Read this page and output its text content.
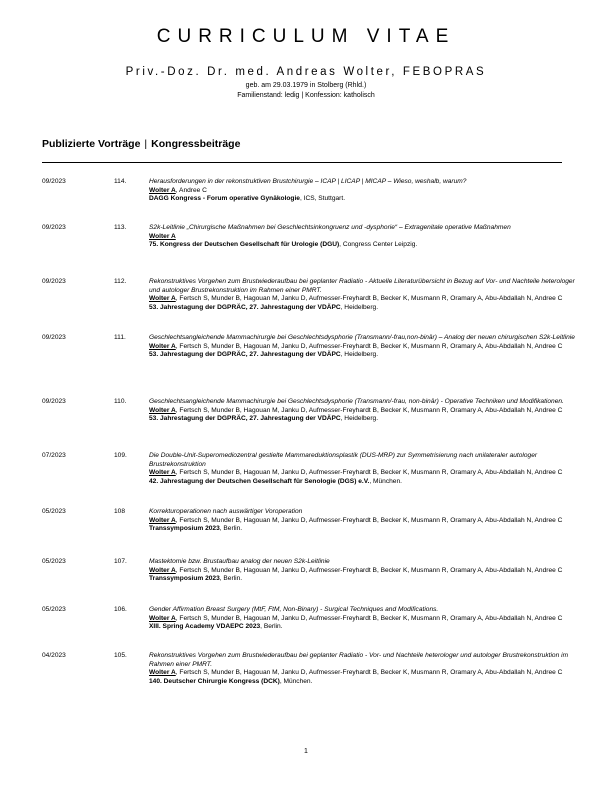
CURRICULUM VITAE
Priv.-Doz. Dr. med. Andreas Wolter, FEBOPRAS
geb. am 29.03.1979 in Stolberg (Rhld.)
Familienstand: ledig | Konfession: katholisch
Publizierte Vorträge | Kongressbeiträge
09/2023	114.	Herausforderungen in der rekonstruktiven Brustchirurgie – ICAP | LICAP | MICAP – Wieso, weshalb, warum?
Wolter A, Andree C
DAGG Kongress - Forum operative Gynäkologie, ICS, Stuttgart.
09/2023	113.	S2k-Leitlinie „Chirurgische Maßnahmen bei Geschlechtsinkongruenz und -dysphorie“ – Extragenitale operative Maßnahmen
Wolter A
75. Kongress der Deutschen Gesellschaft für Urologie (DGU), Congress Center Leipzig.
09/2023	112.	Rekonstruktives Vorgehen zum Brustwiederaufbau bei geplanter Radiatio - Aktuelle Literaturübersicht in Bezug auf Vor- und Nachteile heterologer und autologer Brustrekonstruktion im Rahmen einer PMRT.
Wolter A, Fertsch S, Munder B, Hagouan M, Janku D, Aufmesser-Freyhardt B, Becker K, Musmann R, Oramary A, Abu-Abdallah N, Andree C
53. Jahrestagung der DGPRÄC, 27. Jahrestagung der VDÄPC, Heidelberg.
09/2023	111.	Geschlechtsangleichende Mammachirurgie bei Geschlechtsdysphorie (Transmann/-frau,non-binär) – Analog der neuen chirurgischen S2k-Leitlinie
Wolter A, Fertsch S, Munder B, Hagouan M, Janku D, Aufmesser-Freyhardt B, Becker K, Musmann R, Oramary A, Abu-Abdallah N, Andree C
53. Jahrestagung der DGPRÄC, 27. Jahrestagung der VDÄPC, Heidelberg.
09/2023	110.	Geschlechtsangleichende Mammachirurgie bei Geschlechtsdysphorie (Transmann/-frau, non-binär) - Operative Techniken und Modifikationen.
Wolter A, Fertsch S, Munder B, Hagouan M, Janku D, Aufmesser-Freyhardt B, Becker K, Musmann R, Oramary A, Abu-Abdallah N, Andree C
53. Jahrestagung der DGPRÄC, 27. Jahrestagung der VDÄPC, Heidelberg.
07/2023	109.	Die Double-Unit-Superomediozentral gestielte Mammareduktionsplastik (DUS-MRP) zur Symmetrisierung nach unilateraler autologer Brustrekonstruktion
Wolter A, Fertsch S, Munder B, Hagouan M, Janku D, Aufmesser-Freyhardt B, Becker K, Musmann R, Oramary A, Abu-Abdallah N, Andree C
42. Jahrestagung der Deutschen Gesellschaft für Senologie (DGS) e.V., München.
05/2023	108	Korrekturoperationen nach auswärtiger Voroperation
Wolter A, Fertsch S, Munder B, Hagouan M, Janku D, Aufmesser-Freyhardt B, Becker K, Musmann R, Oramary A, Abu-Abdallah N, Andree C
Transsymposium 2023, Berlin.
05/2023	107.	Mastektomie bzw. Brustaufbau analog der neuen S2k-Leitlinie
Wolter A, Fertsch S, Munder B, Hagouan M, Janku D, Aufmesser-Freyhardt B, Becker K, Musmann R, Oramary A, Abu-Abdallah N, Andree C
Transsymposium 2023, Berlin.
05/2023	106.	Gender Affirmation Breast Surgery (MtF, FtM, Non-Binary) - Surgical Techniques and Modifications.
Wolter A, Fertsch S, Munder B, Hagouan M, Janku D, Aufmesser-Freyhardt B, Becker K, Musmann R, Oramary A, Abu-Abdallah N, Andree C
XIII. Spring Academy VDAEPC 2023, Berlin.
04/2023	105.	Rekonstruktives Vorgehen zum Brustwiederaufbau bei geplanter Radiatio - Vor- und Nachteile heterologer und autologer Brustrekonstruktion im Rahmen einer PMRT.
Wolter A, Fertsch S, Munder B, Hagouan M, Janku D, Aufmesser-Freyhardt B, Becker K, Musmann R, Oramary A, Abu-Abdallah N, Andree C
140. Deutscher Chirurgie Kongress (DCK), München.
1
